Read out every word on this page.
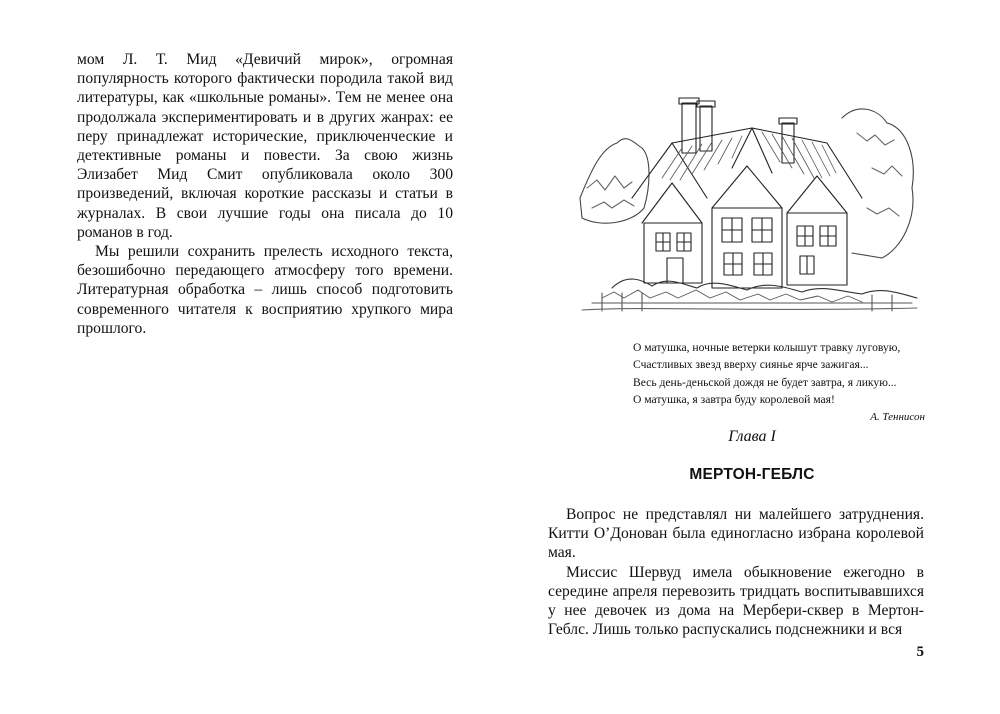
мом Л. Т. Мид «Девичий мирок», огромная популярность которого фактически породила такой вид литературы, как «школьные романы». Тем не менее она продолжала экспериментировать и в других жанрах: ее перу принадлежат исторические, приключенческие и детективные романы и повести. За свою жизнь Элизабет Мид Смит опубликовала около 300 произведений, включая короткие рассказы и статьи в журналах. В свои лучшие годы она писала до 10 романов в год.

Мы решили сохранить прелесть исходного текста, безошибочно передающего атмосферу того времени. Литературная обработка – лишь способ подготовить современного читателя к восприятию хрупкого мира прошлого.

О матушка, ночные ветерки колышут травку луговую,
Счастливых звезд вверху сиянье ярче зажигая...
Весь день-деньской дождя не будет завтра, я ликую...
О матушка, я завтра буду королевой мая!
А. Теннисон
Глава I
МЕРТОН-ГЕБЛС

Вопрос не представлял ни малейшего затруднения. Китти О’Донован была единогласно избрана королевой мая.

Миссис Шервуд имела обыкновение ежегодно в середине апреля перевозить тридцать воспитывавшихся у нее девочек из дома на Мербери-сквер в Мертон-Геблс. Лишь только распускались подснежники и вся

5
